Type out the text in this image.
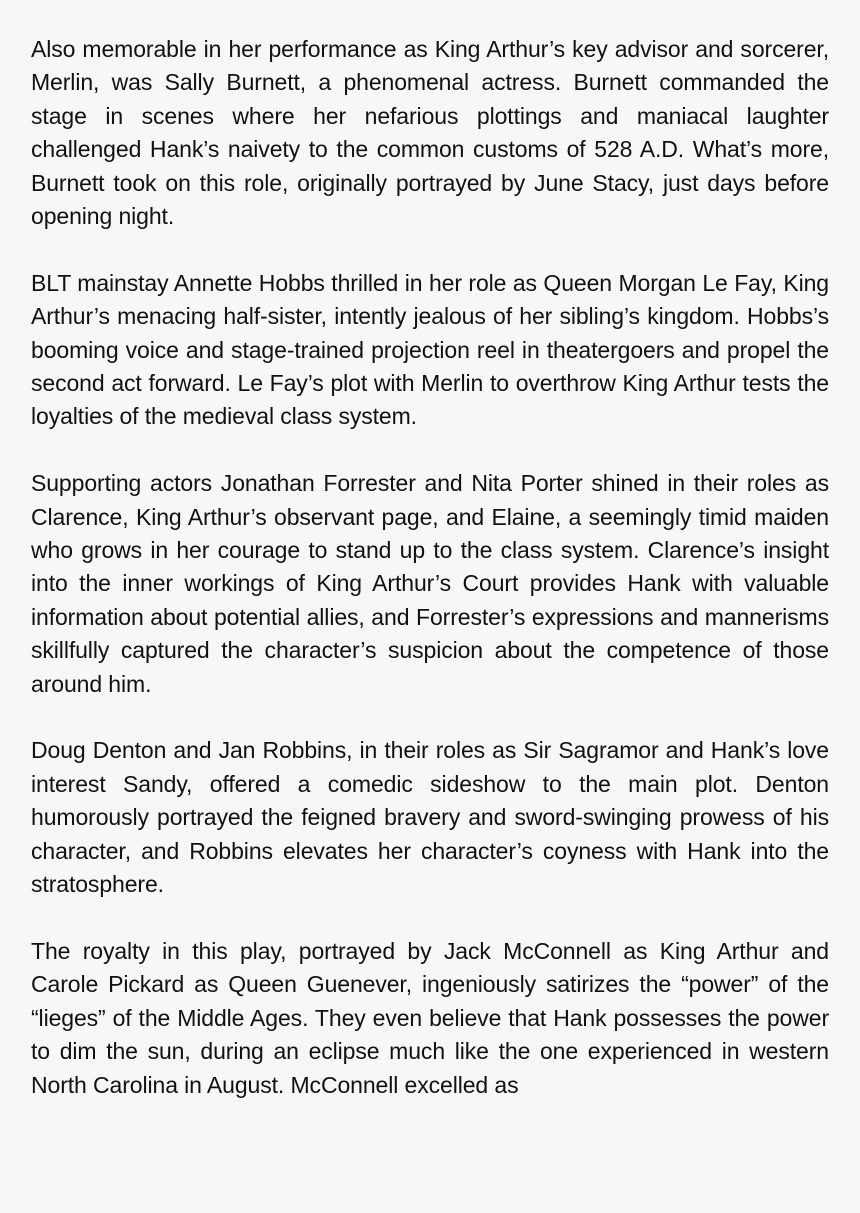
Also memorable in her performance as King Arthur’s key advisor and sorcerer, Merlin, was Sally Burnett, a phenomenal actress. Burnett commanded the stage in scenes where her nefarious plottings and maniacal laughter challenged Hank’s naivety to the common customs of 528 A.D. What’s more, Burnett took on this role, originally portrayed by June Stacy, just days before opening night.

BLT mainstay Annette Hobbs thrilled in her role as Queen Morgan Le Fay, King Arthur’s menacing half-sister, intently jealous of her sibling’s kingdom. Hobbs’s booming voice and stage-trained projection reel in theatergoers and propel the second act forward. Le Fay’s plot with Merlin to overthrow King Arthur tests the loyalties of the medieval class system.

Supporting actors Jonathan Forrester and Nita Porter shined in their roles as Clarence, King Arthur’s observant page, and Elaine, a seemingly timid maiden who grows in her courage to stand up to the class system. Clarence’s insight into the inner workings of King Arthur’s Court provides Hank with valuable information about potential allies, and Forrester’s expressions and mannerisms skillfully captured the character’s suspicion about the competence of those around him.

Doug Denton and Jan Robbins, in their roles as Sir Sagramor and Hank’s love interest Sandy, offered a comedic sideshow to the main plot. Denton humorously portrayed the feigned bravery and sword-swinging prowess of his character, and Robbins elevates her character’s coyness with Hank into the stratosphere.

The royalty in this play, portrayed by Jack McConnell as King Arthur and Carole Pickard as Queen Guenever, ingeniously satirizes the “power” of the “lieges” of the Middle Ages. They even believe that Hank possesses the power to dim the sun, during an eclipse much like the one experienced in western North Carolina in August. McConnell excelled as
